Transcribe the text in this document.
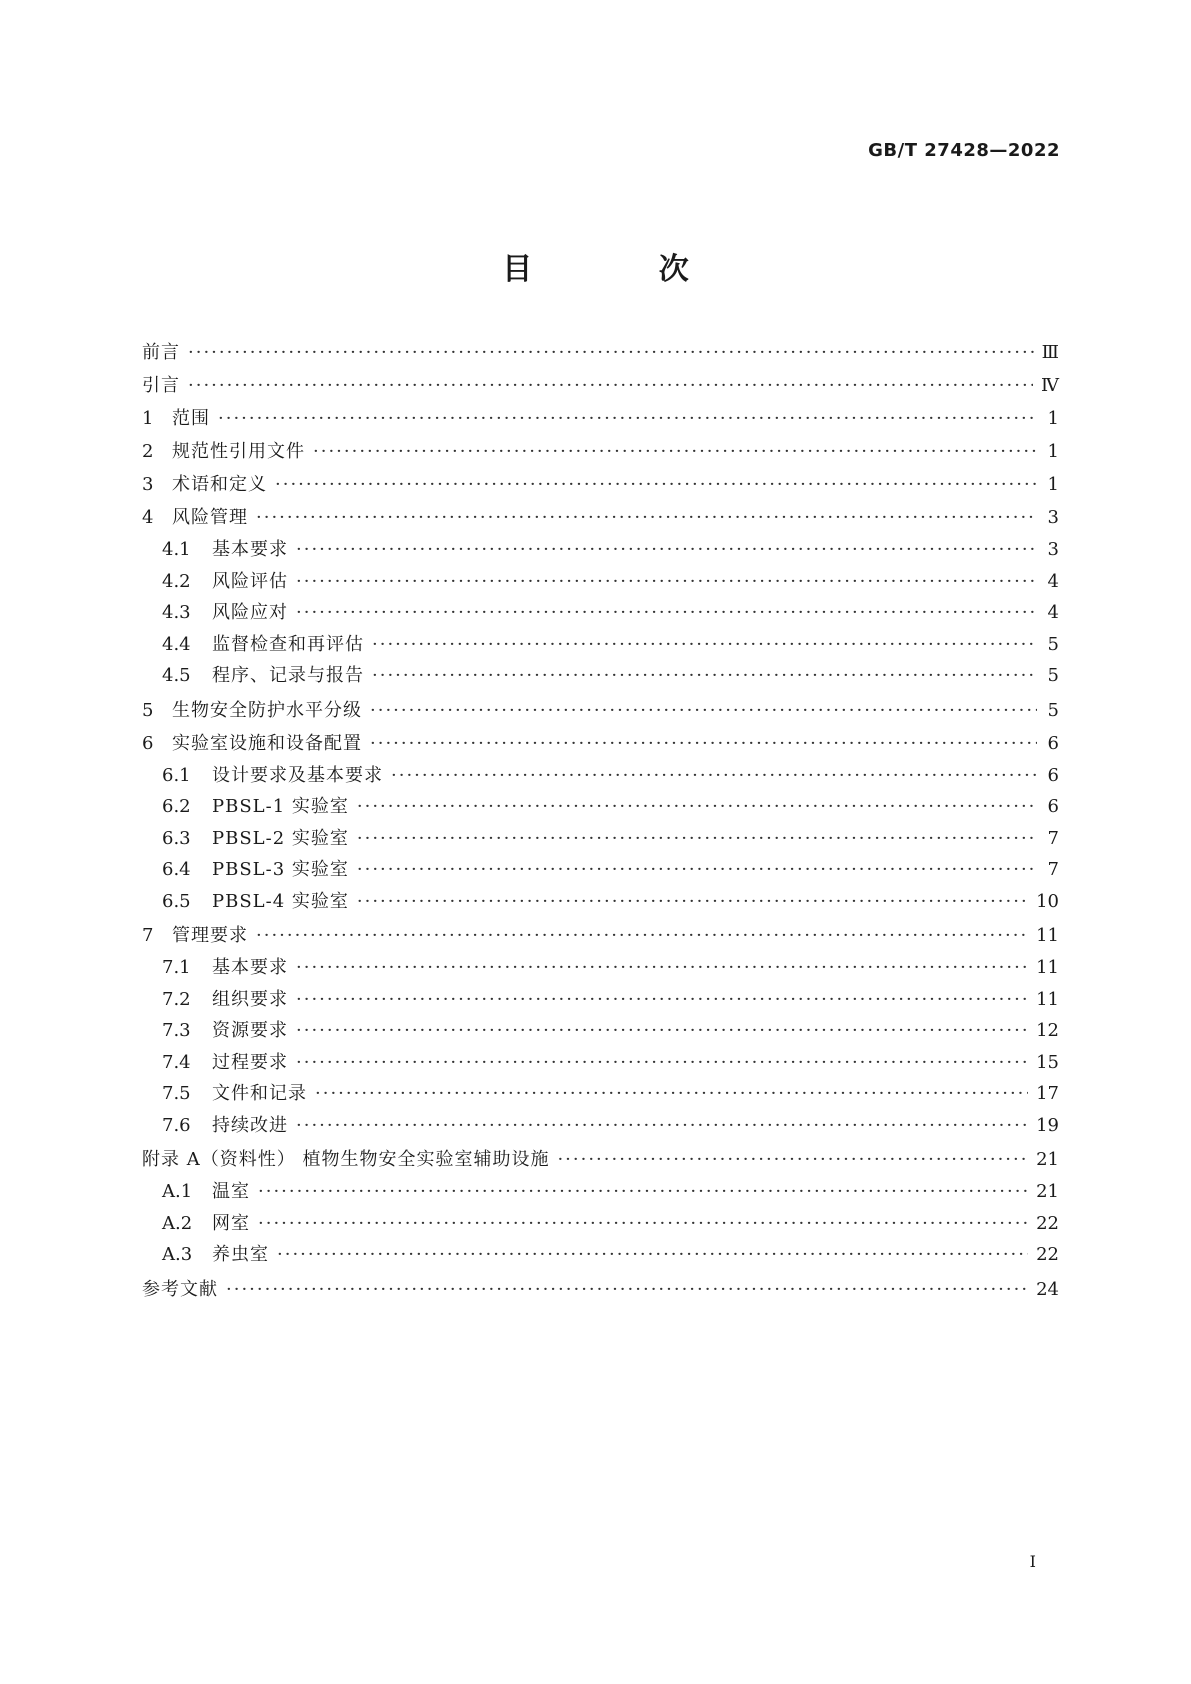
GB/T 27428—2022
目 次
前言 ·····	Ⅲ
引言 ·····	Ⅳ
1	范围 ·····	1
2	规范性引用文件 ·····	1
3	术语和定义 ·····	1
4	风险管理 ·····	3
4.1	基本要求 ·····	3
4.2	风险评估 ·····	4
4.3	风险应对 ·····	4
4.4	监督检查和再评估 ·····	5
4.5	程序、记录与报告 ·····	5
5	生物安全防护水平分级 ·····	5
6	实验室设施和设备配置 ·····	6
6.1	设计要求及基本要求 ·····	6
6.2	PBSL-1 实验室 ·····	6
6.3	PBSL-2 实验室 ·····	7
6.4	PBSL-3 实验室 ·····	7
6.5	PBSL-4 实验室 ·····	10
7	管理要求 ·····	11
7.1	基本要求 ·····	11
7.2	组织要求 ·····	11
7.3	资源要求 ·····	12
7.4	过程要求 ·····	15
7.5	文件和记录 ·····	17
7.6	持续改进 ·····	19
附录 A（资料性） 植物生物安全实验室辅助设施 ·····	21
A.1	温室 ·····	21
A.2	网室 ·····	22
A.3	养虫室 ·····	22
参考文献 ·····	24
I
